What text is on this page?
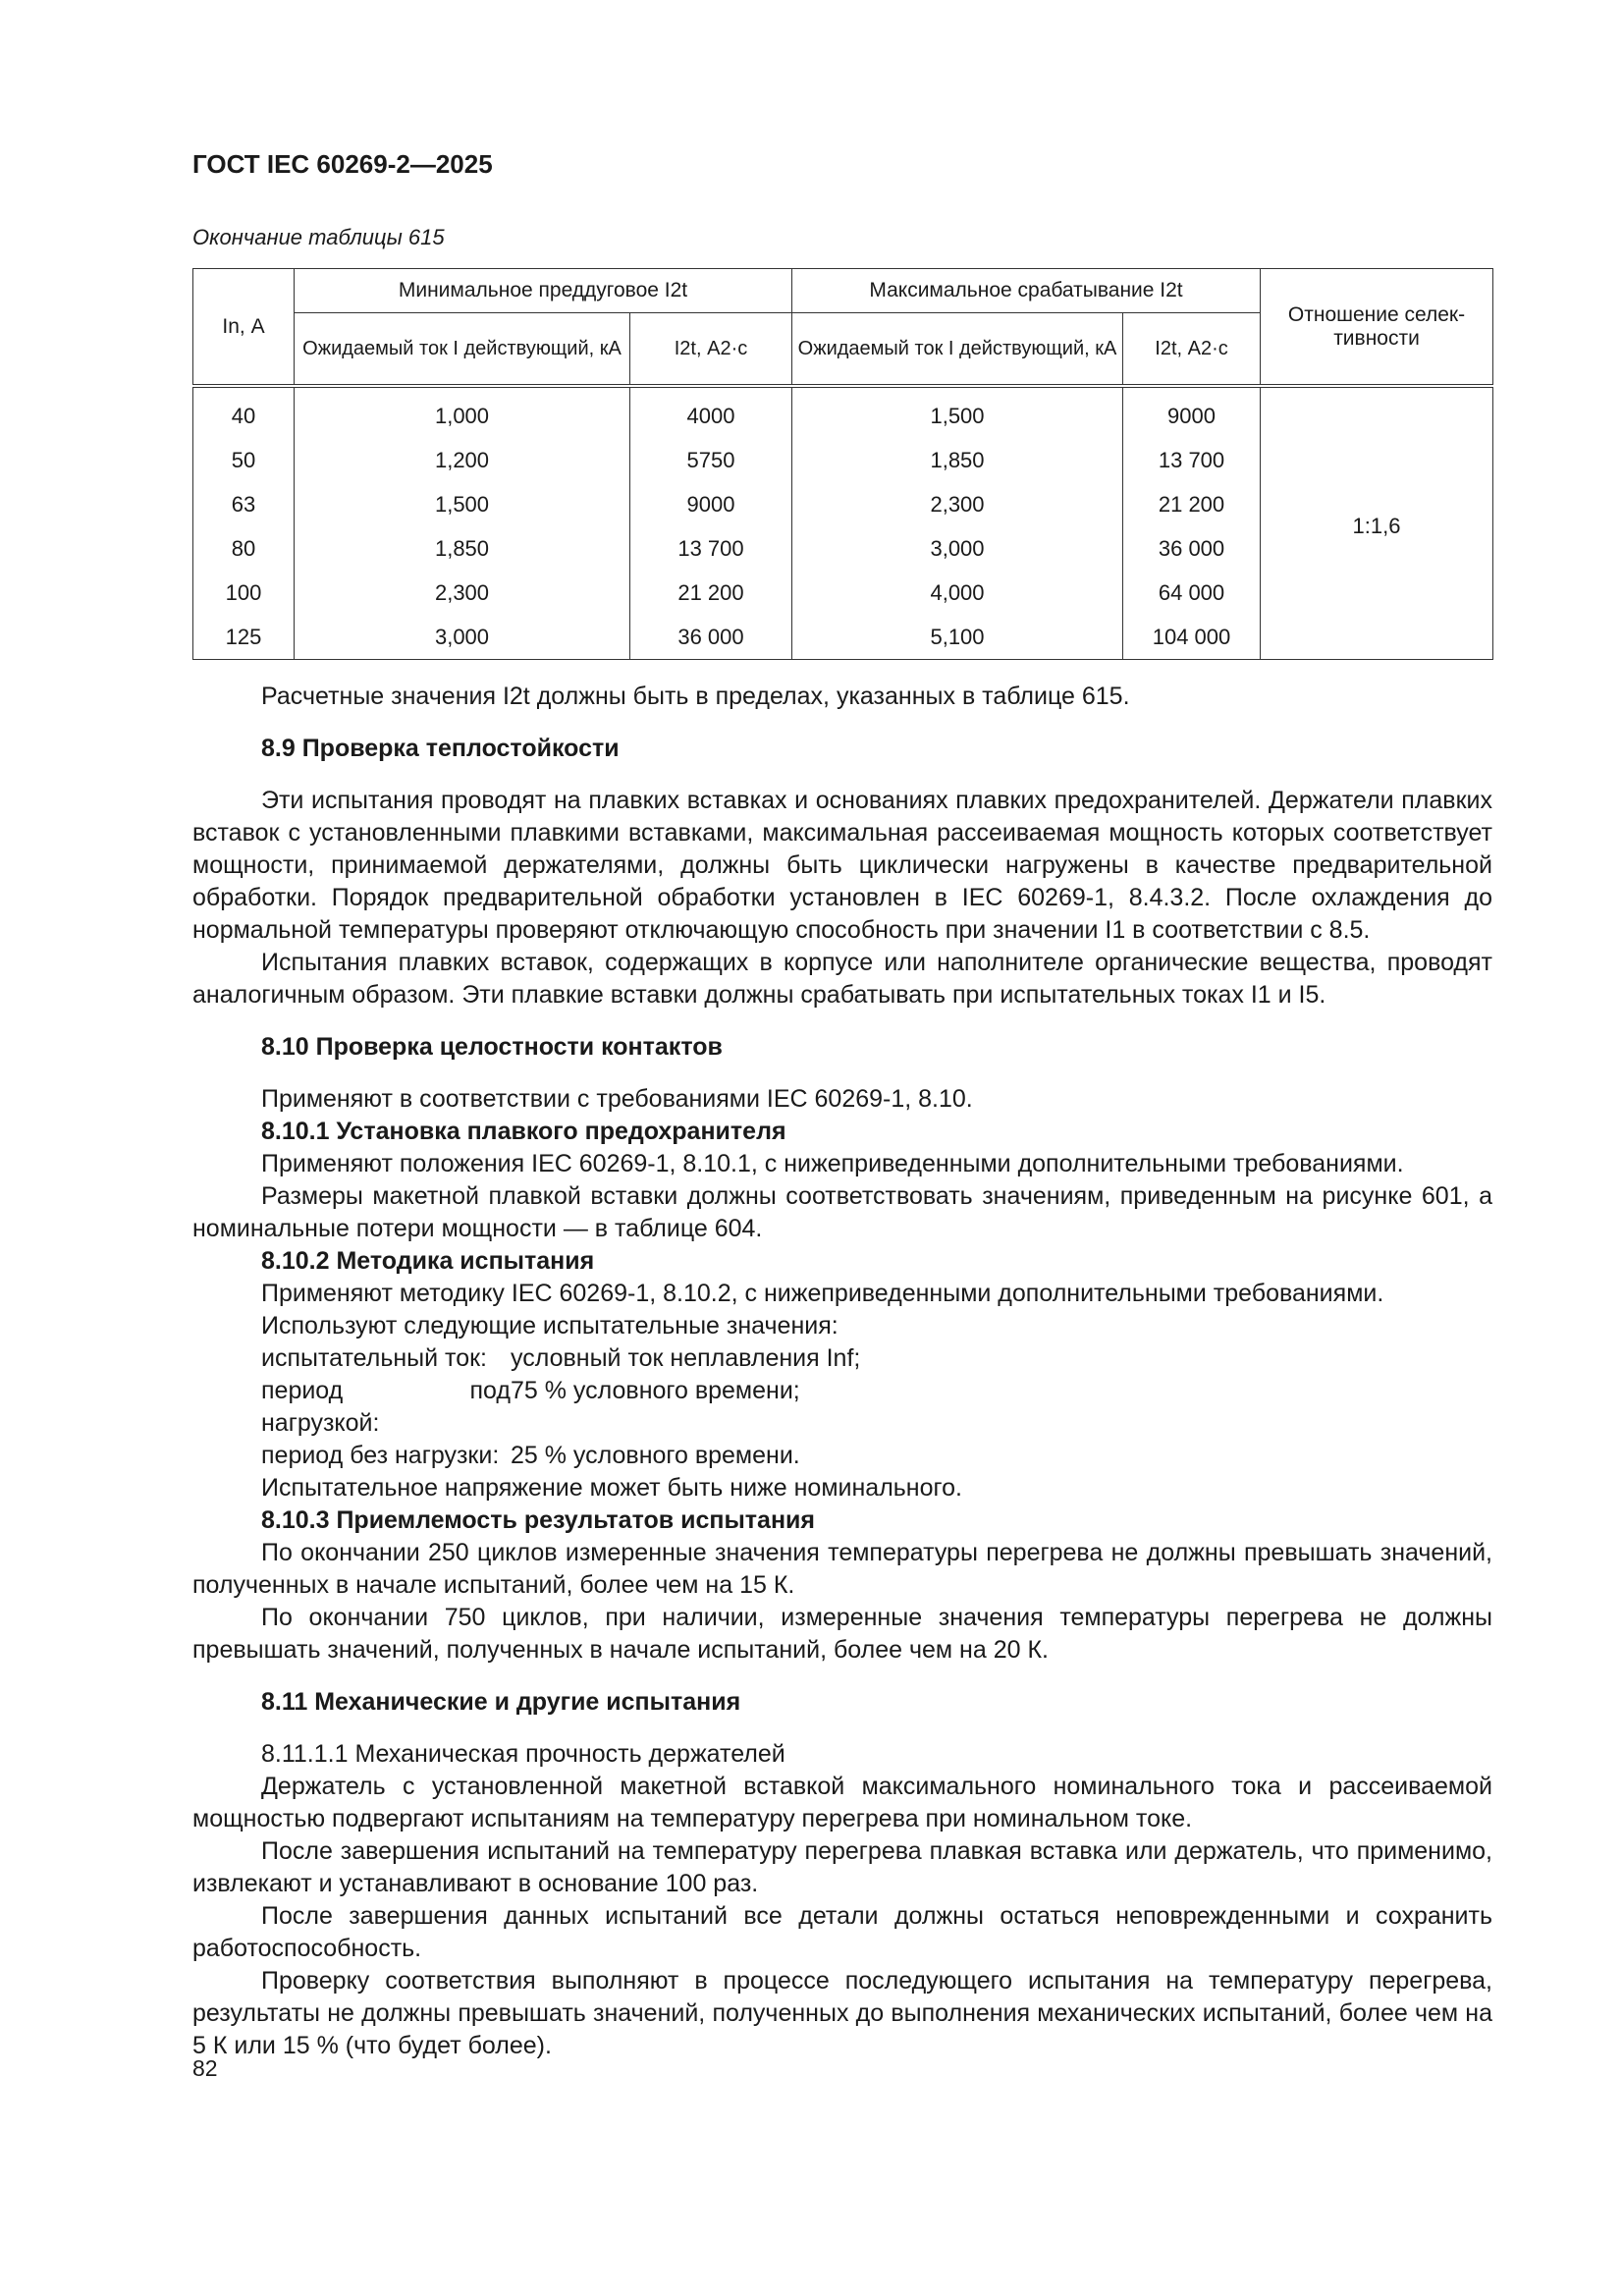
ГОСТ IEC 60269-2—2025
Окончание таблицы 615
In, А	Минимальное преддуговое I2t		Максимальное срабатывание I2t		Отношение селек-тивности
	Ожидаемый ток I действующий, кА	I2t, А2·с	Ожидаемый ток I действующий, кА	I2t, А2·с	
40	1,000	4000	1,500	9000	1:1,6
50	1,200	5750	1,850	13 700	
63	1,500	9000	2,300	21 200	
80	1,850	13 700	3,000	36 000	
100	2,300	21 200	4,000	64 000	
125	3,000	36 000	5,100	104 000	

Расчетные значения I2t должны быть в пределах, указанных в таблице 615.

8.9 Проверка теплостойкости

Эти испытания проводят на плавких вставках и основаниях плавких предохранителей. Держатели плавких вставок с установленными плавкими вставками, максимальная рассеиваемая мощность которых соответствует мощности, принимаемой держателями, должны быть циклически нагружены в качестве предварительной обработки. Порядок предварительной обработки установлен в IEC 60269-1, 8.4.3.2. После охлаждения до нормальной температуры проверяют отключающую способность при значении I1 в соответствии с 8.5.

Испытания плавких вставок, содержащих в корпусе или наполнителе органические вещества, проводят аналогичным образом. Эти плавкие вставки должны срабатывать при испытательных токах I1 и I5.

8.10 Проверка целостности контактов

Применяют в соответствии с требованиями IEC 60269-1, 8.10.

8.10.1 Установка плавкого предохранителя

Применяют положения IEC 60269-1, 8.10.1, с нижеприведенными дополнительными требованиями.

Размеры макетной плавкой вставки должны соответствовать значениям, приведенным на рисунке 601, а номинальные потери мощности — в таблице 604.

8.10.2 Методика испытания

Применяют методику IEC 60269-1, 8.10.2, с нижеприведенными дополнительными требованиями.

Используют следующие испытательные значения:

испытательный ток: условный ток неплавления Inf;
период под нагрузкой:
75 % условного времени;
период без нагрузки: 25 % условного времени.

Испытательное напряжение может быть ниже номинального.

8.10.3 Приемлемость результатов испытания

По окончании 250 циклов измеренные значения температуры перегрева не должны превышать значений, полученных в начале испытаний, более чем на 15 К.

По окончании 750 циклов, при наличии, измеренные значения температуры перегрева не должны превышать значений, полученных в начале испытаний, более чем на 20 К.

8.11 Механические и другие испытания

8.11.1.1 Механическая прочность держателей

Держатель с установленной макетной вставкой максимального номинального тока и рассеиваемой мощностью подвергают испытаниям на температуру перегрева при номинальном токе.

После завершения испытаний на температуру перегрева плавкая вставка или держатель, что применимо, извлекают и устанавливают в основание 100 раз.

После завершения данных испытаний все детали должны остаться неповрежденными и сохранить работоспособность.

Проверку соответствия выполняют в процессе последующего испытания на температуру перегрева, результаты не должны превышать значений, полученных до выполнения механических испытаний, более чем на 5 К или 15 % (что будет более).

82
